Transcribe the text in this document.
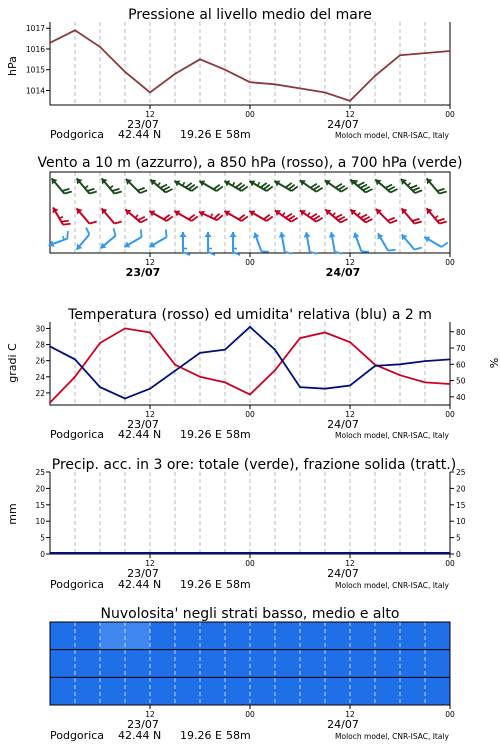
Pressione al livello medio del mare
hPa
Podgorica 42.44 N 19.26 E 58m	Moloch model, CNR-ISAC, Italy
1014
1015
1016
1017
12
23/07
00	12
24/07
00
Vento a 10 m (azzurro), a 850 hPa (rosso), a 700 hPa (verde)
12
23/07
00	12
24/07
00
Temperatura (rosso) ed umidita' relativa (blu) a 2 m
gradi C	%
Podgorica 42.44 N 19.26 E 58m	Moloch model, CNR-ISAC, Italy
22
24
26
28
30
40
50
60
70
80
12
23/07
00	12
24/07
00
Precip. acc. in 3 ore: totale (verde), frazione solida (tratt.)
mm
Podgorica 42.44 N 19.26 E 58m	Moloch model, CNR-ISAC, Italy
0	0
5	5
10	10
15	15
20	20
25	25
12
23/07
00	12
24/07
00
Nuvolosita' negli strati basso, medio e alto
Podgorica 42.44 N 19.26 E 58m	Moloch model, CNR-ISAC, Italy
12
23/07
00	12
24/07
00
